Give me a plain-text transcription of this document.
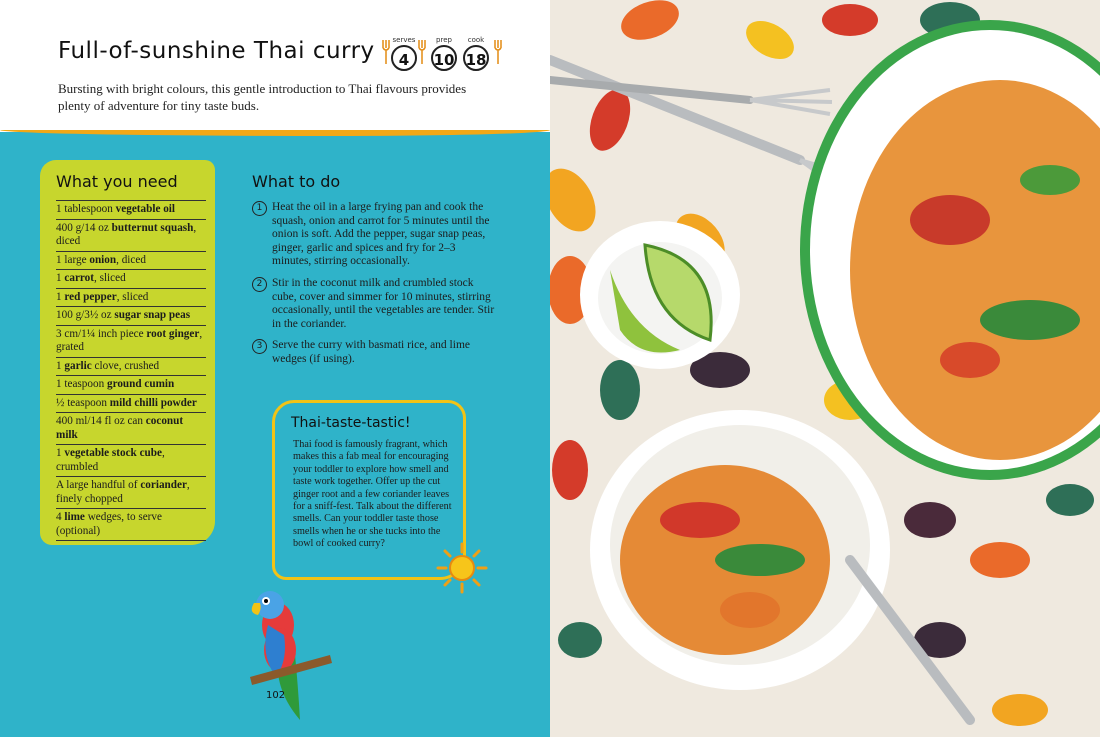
Full-of-sunshine Thai curry

Bursting with bright colours, this gentle introduction to Thai flavours provides plenty of adventure for tiny taste buds.

serves
4
prep
10
cook
18
What you need
1 tablespoon vegetable oil
400 g/14 oz butternut squash, diced
1 large onion, diced
1 carrot, sliced
1 red pepper, sliced
100 g/3½ oz sugar snap peas
3 cm/1¼ inch piece root ginger, grated
1 garlic clove, crushed
1 teaspoon ground cumin
½ teaspoon mild chilli powder
400 ml/14 fl oz can coconut milk
1 vegetable stock cube, crumbled
A large handful of coriander, finely chopped
4 lime wedges, to serve (optional)
What to do
1 Heat the oil in a large frying pan and cook the squash, onion and carrot for 5 minutes until the onion is soft. Add the pepper, sugar snap peas, ginger, garlic and spices and fry for 2–3 minutes, stirring occasionally.
2 Stir in the coconut milk and crumbled stock cube, cover and simmer for 10 minutes, stirring occasionally, until the vegetables are tender. Stir in the coriander.
3 Serve the curry with basmati rice, and lime wedges (if using).
Thai-taste-tastic!

Thai food is famously fragrant, which makes this a fab meal for encouraging your toddler to explore how smell and taste work together. Offer up the cut ginger root and a few coriander leaves for a sniff-fest. Talk about the different smells. Can your toddler taste those smells when he or she tucks into the bowl of cooked curry?

102
